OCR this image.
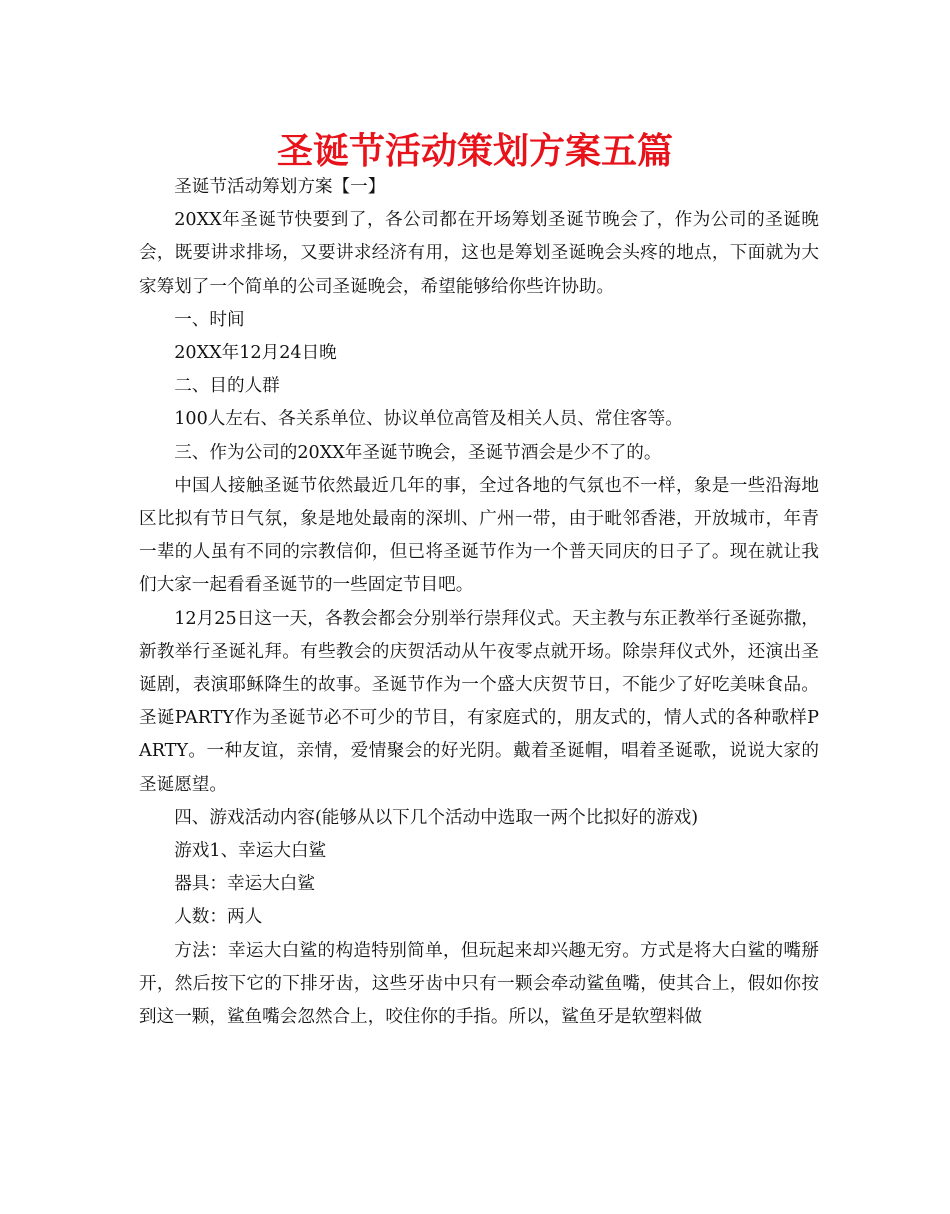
圣诞节活动策划方案五篇

圣诞节活动筹划方案【一】

20XX年圣诞节快要到了，各公司都在开场筹划圣诞节晚会了，作为公司的圣诞晚会，既要讲求排场，又要讲求经济有用，这也是筹划圣诞晚会头疼的地点，下面就为大家筹划了一个简单的公司圣诞晚会，希望能够给你些许协助。

一、时间

20XX年12月24日晚

二、目的人群

100人左右、各关系单位、协议单位高管及相关人员、常住客等。

三、作为公司的20XX年圣诞节晚会，圣诞节酒会是少不了的。

中国人接触圣诞节依然最近几年的事，全过各地的气氛也不一样，象是一些沿海地区比拟有节日气氛，象是地处最南的深圳、广州一带，由于毗邻香港，开放城市，年青一辈的人虽有不同的宗教信仰，但已将圣诞节作为一个普天同庆的日子了。现在就让我们大家一起看看圣诞节的一些固定节目吧。

12月25日这一天，各教会都会分别举行崇拜仪式。天主教与东正教举行圣诞弥撒，新教举行圣诞礼拜。有些教会的庆贺活动从午夜零点就开场。除崇拜仪式外，还演出圣诞剧，表演耶稣降生的故事。圣诞节作为一个盛大庆贺节日，不能少了好吃美味食品。圣诞PARTY作为圣诞节必不可少的节目，有家庭式的，朋友式的，情人式的各种歌样PARTY。一种友谊，亲情，爱情聚会的好光阴。戴着圣诞帽，唱着圣诞歌，说说大家的圣诞愿望。

四、游戏活动内容(能够从以下几个活动中选取一两个比拟好的游戏)

游戏1、幸运大白鲨

器具：幸运大白鲨

人数：两人

方法：幸运大白鲨的构造特别简单，但玩起来却兴趣无穷。方式是将大白鲨的嘴掰开，然后按下它的下排牙齿，这些牙齿中只有一颗会牵动鲨鱼嘴，使其合上，假如你按到这一颗，鲨鱼嘴会忽然合上，咬住你的手指。所以，鲨鱼牙是软塑料做
